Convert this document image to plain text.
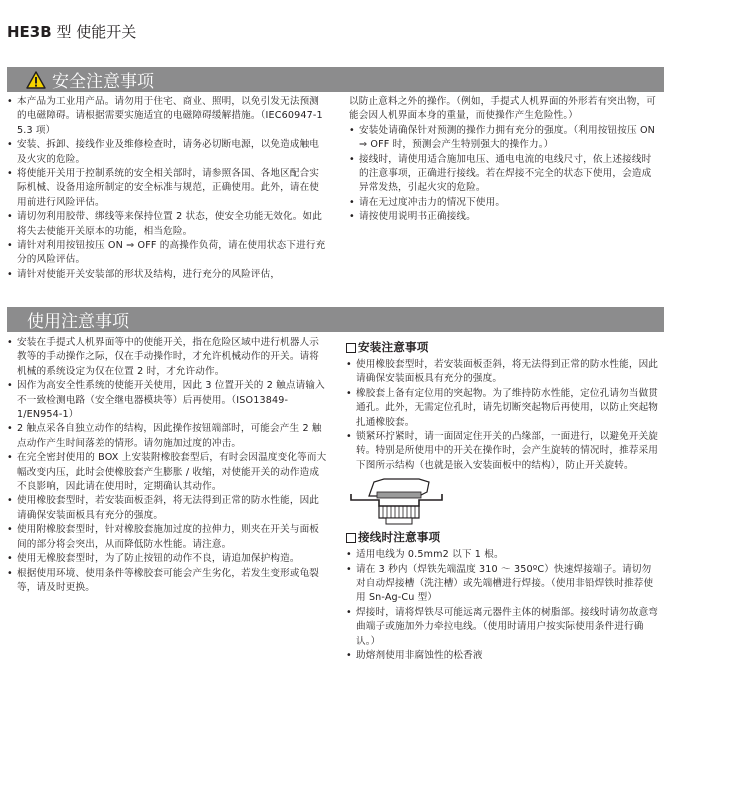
HE3B 型 使能开关
安全注意事项
• 本产品为工业用产品。请勿用于住宅、商业、照明，以免引发无法预测的电磁障碍。请根据需要实施适宜的电磁障碍缓解措施。（IEC60947-1 5.3 项）
• 安装、拆卸、接线作业及维修检查时，请务必切断电源，以免造成触电及火灾的危险。
• 将使能开关用于控制系统的安全相关部时，请参照各国、各地区配合实际机械、设备用途所制定的安全标准与规范，正确使用。此外，请在使用前进行风险评估。
• 请切勿利用胶带、绑线等来保持位置 2 状态，使安全功能无效化。如此将失去使能开关原本的功能，相当危险。
• 请针对利用按钮按压 ON ⇒ OFF 的高操作负荷，请在使用状态下进行充分的风险评估。
• 请针对使能开关安装部的形状及结构，进行充分的风险评估，
以防止意料之外的操作。（例如，手提式人机界面的外形若有突出物，可能会因人机界面本身的重量，而使操作产生危险性。）
• 安装处请确保针对预测的操作力拥有充分的强度。（利用按钮按压 ON ⇒ OFF 时，预测会产生特别强大的操作力。）
• 接线时，请使用适合施加电压、通电电流的电线尺寸，依上述接线时的注意事项，正确进行接线。若在焊接不完全的状态下使用，会造成异常发热，引起火灾的危险。
• 请在无过度冲击力的情况下使用。
• 请按使用说明书正确接线。
使用注意事项
• 安装在手提式人机界面等中的使能开关，指在危险区域中进行机器人示教等的手动操作之际，仅在手动操作时，才允许机械动作的开关。请将机械的系统设定为仅在位置 2 时，才允许动作。
• 因作为高安全性系统的使能开关使用，因此 3 位置开关的 2 触点请输入不一致检测电路（安全继电器模块等）后再使用。（ISO13849-1/EN954-1）
• 2 触点采各自独立动作的结构，因此操作按钮端部时，可能会产生 2 触点动作产生时间落差的情形。请勿施加过度的冲击。
• 在完全密封使用的 BOX 上安装附橡胶套型后，有时会因温度变化等而大幅改变内压，此时会使橡胶套产生膨胀 / 收缩，对使能开关的动作造成不良影响，因此请在使用时，定期确认其动作。
• 使用橡胶套型时，若安装面板歪斜，将无法得到正常的防水性能，因此请确保安装面板具有充分的强度。
• 使用附橡胶套型时，针对橡胶套施加过度的拉伸力，则夹在开关与面板间的部分将会突出，从而降低防水性能。请注意。
• 使用无橡胶套型时，为了防止按钮的动作不良，请追加保护构造。
• 根据使用环境、使用条件等橡胶套可能会产生劣化，若发生变形或龟裂等，请及时更换。
安装注意事项
• 使用橡胶套型时，若安装面板歪斜，将无法得到正常的防水性能，因此请确保安装面板具有充分的强度。
• 橡胶套上备有定位用的突起物。为了维持防水性能，定位孔请勿当做贯通孔。此外，无需定位孔时，请先切断突起物后再使用，以防止突起物扎通橡胶套。
• 锁紧环拧紧时，请一面固定住开关的凸缘部，一面进行，以避免开关旋转。特别是所使用中的开关在操作时，会产生旋转的情况时，推荐采用下图所示结构（也就是嵌入安装面板中的结构），防止开关旋转。
接线时注意事项
• 适用电线为 0.5mm2 以下 1 根。
• 请在 3 秒内（焊铁先端温度 310 ～ 350ºC）快速焊接端子。请切勿对自动焊接槽（洗注槽）或先端槽进行焊接。（使用非铅焊铁时推荐使用 Sn-Ag-Cu 型）
• 焊接时，请将焊铁尽可能远离元器件主体的树脂部。接线时请勿故意弯曲端子或施加外力牵拉电线。（使用时请用户按实际使用条件进行确认。）
• 助熔剂使用非腐蚀性的松香液
